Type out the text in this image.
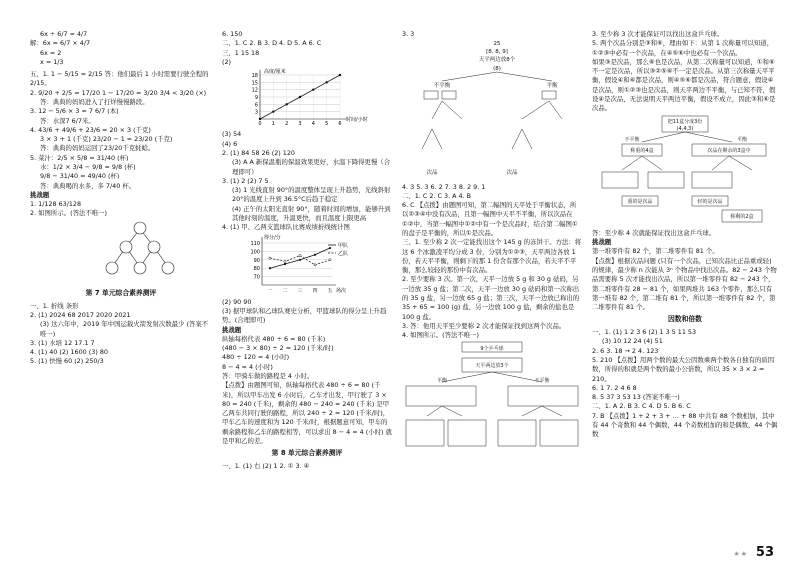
6x ÷ 6/7 = 4/7

解：6x = 6/7 × 4/7

6x = 2

x = 1/3

五、1. 1 − 5/15 = 2/15 答：他们最后 1 小时需要行驶全程的 2/15。

2. 9/20 + 2/5 = 17/20 1 − 17/20 = 3/20 3/4 < 3/20 (×)

答：典典的妈妈进入了打烊慢慢路段。

3. 12 − 5/6 × 3 = 7 6/7 (本)

答：水深7 6/7米。

4. 43/6 + 49/6 + 23/6 = 20 × 3 (千克)

3 × 3 + 1 (千克) 23/20 − 1 = 23/20 (千克)

答：典典的妈妈运回了23/20千克蚝蛤。

5. 菜汁：2/5 × 5/8 = 31/40 (杯)

水：1/2 × 3/4 − 9/8 = 9/8 (杯)

9/8 − 31/40 = 49/40 (杯)

答：典典喝的水多，多 7/40 杯。

挑战题

1. 1/128 63/128

2. 如图所示。(答法不唯一)

第 7 单元综合素养测评

一、1. 折线 条形

2. (1) 2024 68 2017 2020 2021

(3) 这六年中，2019 年中国运载火箭发射次数最少 (答案不唯一)

3. (1) 水培 12 17.1 7

4. (1) 40 (2) 1600 (3) 80

5. (1) 快慢 60 (2) 250/3

6. 150

二、1. C 2. B 3. D 4. D 5. A 6. C

三、1 15 18

(2)

3
6
9
12
15
18
0 1 2 3 4 5 6
高度/厘米
时间/小时

(3) 54

(4) 6

2. (1) 84 58 26 (2) 120

(3) A A 新保温瓶的保温效果更好，水温下降得更慢（合理即可）

3. (1) 2 (2) 7 5

(3) 1 光线直射 90°的温度整体呈现上升趋势，光线斜射 20°的温度上升到 36.5°C后趋于稳定

(4) 正午的太阳光直射 90°，随着时间的增加，能够升到其他时刻的温度，升温更快，而且温度上限更高

4. (1) 甲、乙两支篮球队比赛成绩折线统计图

70
80
90
100
110
一 二 三 四 五
得分/分
场次
甲队
乙队

(2) 90 90

(3) 据甲球队和乙球队赛史分析，甲篮球队的得分呈上升趋势。(合理即可)

挑战题

纵轴每格代表 480 ÷ 6 = 80 (千米)

(480 − 3 × 80) ÷ 2 = 120 (千米/时)

480 ÷ 120 = 4 (小时)

8 − 4 = 4 (小时)

答：甲骑车做的路程是 4 小时。

【点拨】由题图可知，纵轴每格代表 480 ÷ 6 = 80 (千米)，所以甲车出发 6 小时后，乙车才出发，甲行驶了 3 × 80 = 240 (千米)，剩余的 480 − 240 = 240 (千米) 是甲乙两车共同行驶的路程，所以 240 ÷ 2 = 120 (千米/时)，甲车乙车的速度和为 120 千米/时，根据题意可知，甲车的剩余路程和乙车的路程相等，可以求出 8 − 4 = 4 (小时) 就是甲和乙的差。

第 8 单元综合素养测评

一、1. (1) 右 (2) 1 2. ① 3. ④

3. 3

25
[8, 8, 9]
天平两边放8个
(8)
不平衡	平衡
次品	次品

4. 3 5. 3 6. 2 7. 3 8. 2 9. 1

二、1. C 2. C 3. A 4. B

6. C 【点拨】由题图可知，第二幅图的天平处于平衡状态，所以②③④中没有次品，且第一幅图中天平不平衡，所以次品在①②中，当第一幅图中①②中有一个是次品时，结合第二幅图①的盘子是平衡的，所以①是次品。

三、1. 至少称 2 次一定能找出这个 145 g 的冻饼干。方法：将这 6 个冰激凌平均分成 3 份，分别为①②③，天平两边各放 1 份，若天平平衡，则剩下的那 1 份含有那个次品，若天平不平衡，那么较轻的那份中有次品。

2. 至少要称 3 次。第一次，天平一边放 5 g 和 30 g 砝码，另一边放 35 g 盐；第二次，天平一边放 30 g 砝码和第一次称出的 35 g 盐，另一边放 65 g 盐；第三次，天平一边放已称出的 35 + 65 = 100 (g) 盐，另一边放 100 g 盐，剩余的盐也是 100 g 盐。

3. 答：他用天平至少要称 2 次才能保证找到这两个次品。

4. 如图所示。(答法不唯一)

9个乒乓球
天平两边放3个
平衡	不平衡

3. 至少称 3 次才能保证可以找出这盒乒乓球。

5. 两个次品分别是③和⑥，理由如下：从第 1 次称量可以知道，①②③中必有一个次品，在④⑤⑥中也必有一个次品。

如果③是次品，那么⑥也是次品，从第二次称量可以知道，①和⑥不一定是次品，所以③②⑤⑥不一定是次品。从第三次称量天平平衡，假设④和⑥都是次品，则④⑤⑥都是次品，符合题意，假设④是次品，则①②③也是次品，则天平两边不平衡，与已知不符，假设④是次品，无法说明天平两边平衡，假设不成立，因此③和⑥是次品。

把11盒分成3份
(4,4,3)
不平衡	平衡
称重的4盒	次品在剩余的3盒中
重的是次品
称剩的2盒
轻的是次品

答：至少称 4 次就能保证找出这盒乒乓球。

挑战题

第一堆零件有 82 个，第二堆零件有 81 个。

【点拨】根据次品问题 (只有一个次品，已知次品比正品重或轻) 的规律，最少称 n 次能从 3ⁿ 个物品中找出次品。82 − 243 个物品需要称 5 次才能找出次品，所以第一堆零件有 82 − 243 个，第二堆零件有 28 − 81 个，如果两堆共 163 个零件，那么只有第一堆有 82 个，第二堆有 81 个，所以第一堆零件有 82 个，第二堆零件有 81 个。

因数和倍数

一、1. (1) 1 2 3 6 (2) 1 3 5 11 53

(3) 10 12 24 (4) 51

2. 6 3. 18 → 2 4. 123

5. 210 【点拨】用两个数的最大公因数乘两个数各自独有的质因数，所得的积就是两个数的最小公倍数，所以 35 × 3 × 2 = 210。

6. 1 7. 2 4 6 8

8. 5 37 3 53 13 (答案不唯一)

二、1. A 2. B 3. C 4. D 5. B 6. C

7. B 【点拨】1 + 2 + 3 + … + 88 中共有 88 个数相加，其中有 44 个奇数和 44 个偶数，44 个奇数相加的和是偶数，44 个偶数

★★ 53
